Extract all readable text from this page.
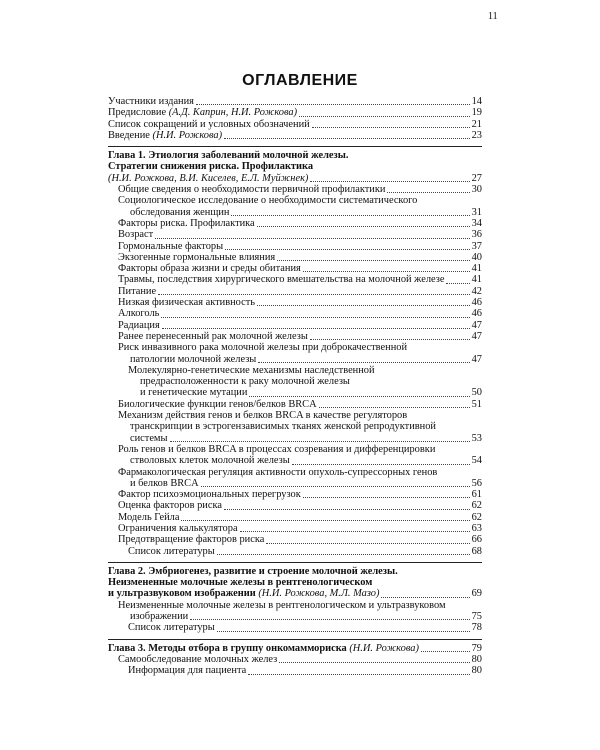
11
ОГЛАВЛЕНИЕ
Участники издания	14
Предисловие (А.Д. Каприн, Н.И. Рожкова)	19
Список сокращений и условных обозначений	21
Введение (Н.И. Рожкова)	23
Глава 1. Этиология заболеваний молочной железы.
Стратегии снижения риска. Профилактика
(Н.И. Рожкова, В.И. Киселев, Е.Л. Муйжнек)	27
Общие сведения о необходимости первичной профилактики	30
Социологическое исследование о необходимости систематического
обследования женщин	31
Факторы риска. Профилактика	34
Возраст	36
Гормональные факторы	37
Экзогенные гормональные влияния	40
Факторы образа жизни и среды обитания	41
Травмы, последствия хирургического вмешательства на молочной железе	41
Питание	42
Низкая физическая активность	46
Алкоголь	46
Радиация	47
Ранее перенесенный рак молочной железы	47
Риск инвазивного рака молочной железы при доброкачественной
патологии молочной железы	47
Молекулярно-генетические механизмы наследственной
предрасположенности к раку молочной железы
и генетические мутации	50
Биологические функции генов/белков BRCA	51
Механизм действия генов и белков BRCA в качестве регуляторов
транскрипции в эстрогензависимых тканях женской репродуктивной
системы	53
Роль генов и белков BRCA в процессах созревания и дифференцировки
стволовых клеток молочной железы	54
Фармакологическая регуляция активности опухоль-супрессорных генов
и белков BRCA	56
Фактор психоэмоциональных перегрузок	61
Оценка факторов риска	62
Модель Гейла	62
Ограничения калькулятора	63
Предотвращение факторов риска	66
Список литературы	68
Глава 2. Эмбриогенез, развитие и строение молочной железы.
Неизмененные молочные железы в рентгенологическом
и ультразвуковом изображении (Н.И. Рожкова, М.Л. Мазо)	69
Неизмененные молочные железы в рентгенологическом и ультразвуковом
изображении	75
Список литературы	78
Глава 3. Методы отбора в группу онкомаммориска (Н.И. Рожкова)	79
Самообследование молочных желез	80
Информация для пациента	80
